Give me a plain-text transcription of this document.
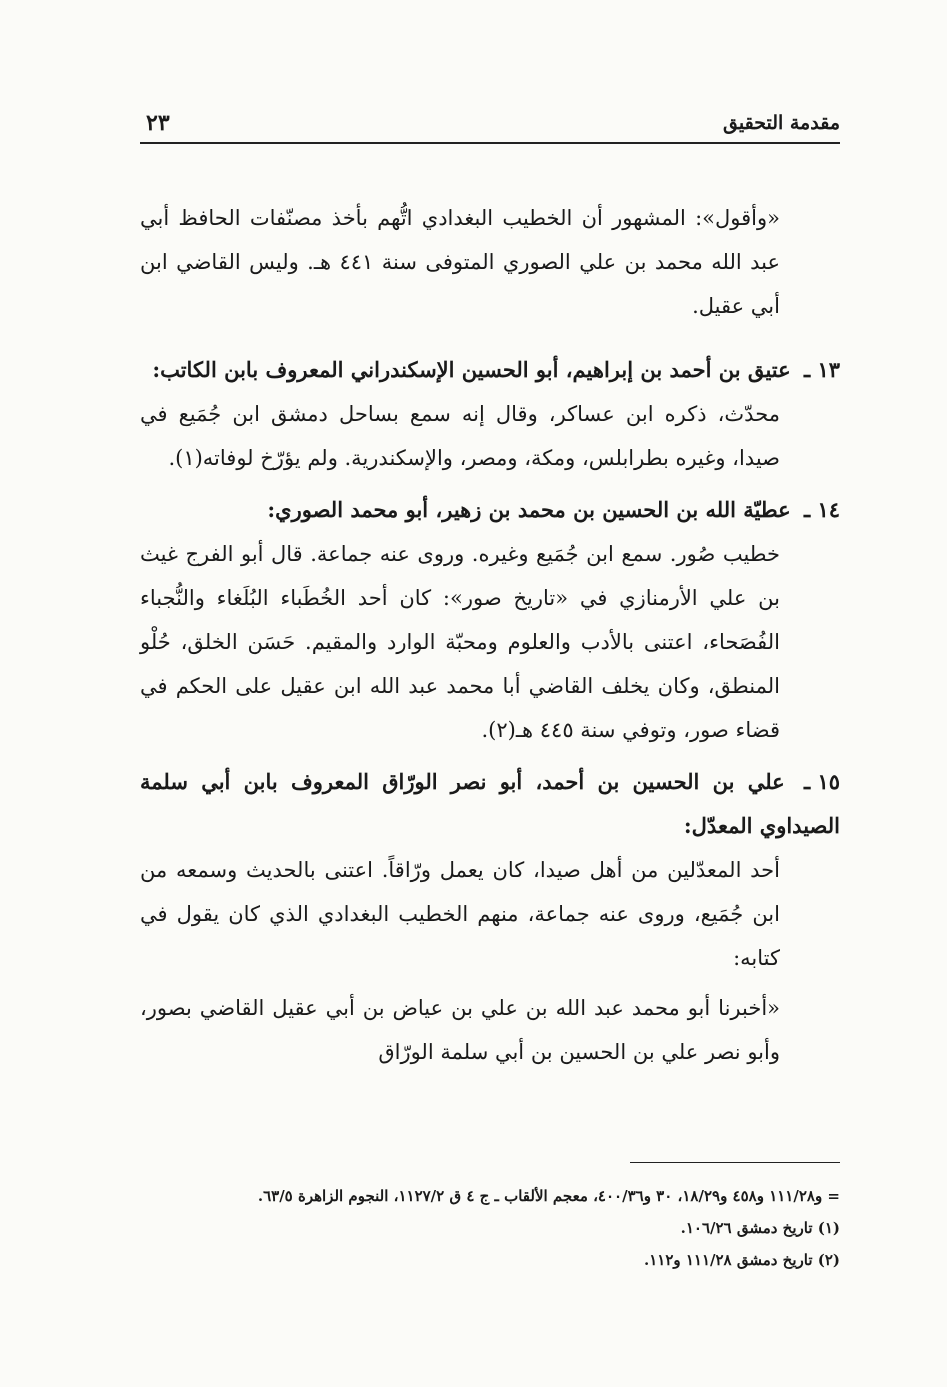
مقدمة التحقيق
٢٣
«وأقول»: المشهور أن الخطيب البغدادي اتُّهم بأخذ مصنّفات الحافظ أبي عبد الله محمد بن علي الصوري المتوفى سنة ٤٤١ هـ. وليس القاضي ابن أبي عقيل.
١٣ ـ عتيق بن أحمد بن إبراهيم، أبو الحسين الإسكندراني المعروف بابن الكاتب:
محدّث، ذكره ابن عساكر، وقال إنه سمع بساحل دمشق ابن جُمَيع في صيدا، وغيره بطرابلس، ومكة، ومصر، والإسكندرية. ولم يؤرّخ لوفاته(١).
١٤ ـ عطيّة الله بن الحسين بن محمد بن زهير، أبو محمد الصوري:
خطيب صُور. سمع ابن جُمَيع وغيره. وروى عنه جماعة. قال أبو الفرج غيث بن علي الأرمنازي في «تاريخ صور»: كان أحد الخُطَباء البُلَغاء والنُّجباء الفُصَحاء، اعتنى بالأدب والعلوم ومحبّة الوارد والمقيم. حَسَن الخلق، حُلْو المنطق، وكان يخلف القاضي أبا محمد عبد الله ابن عقيل على الحكم في قضاء صور، وتوفي سنة ٤٤٥ هـ(٢).
١٥ ـ علي بن الحسين بن أحمد، أبو نصر الورّاق المعروف بابن أبي سلمة الصيداوي المعدّل:
أحد المعدّلين من أهل صيدا، كان يعمل ورّاقاً. اعتنى بالحديث وسمعه من ابن جُمَيع، وروى عنه جماعة، منهم الخطيب البغدادي الذي كان يقول في كتابه:
«أخبرنا أبو محمد عبد الله بن علي بن عياض بن أبي عقيل القاضي بصور، وأبو نصر علي بن الحسين بن أبي سلمة الورّاق
= و١١١/٢٨ و٤٥٨ و١٨/٢٩، ٣٠ و٤٠٠/٣٦، معجم الألقاب ـ ج ٤ ق ١١٢٧/٢، النجوم الزاهرة ٦٣/٥.
(١) تاريخ دمشق ١٠٦/٢٦.
(٢) تاريخ دمشق ١١١/٢٨ و١١٢.
